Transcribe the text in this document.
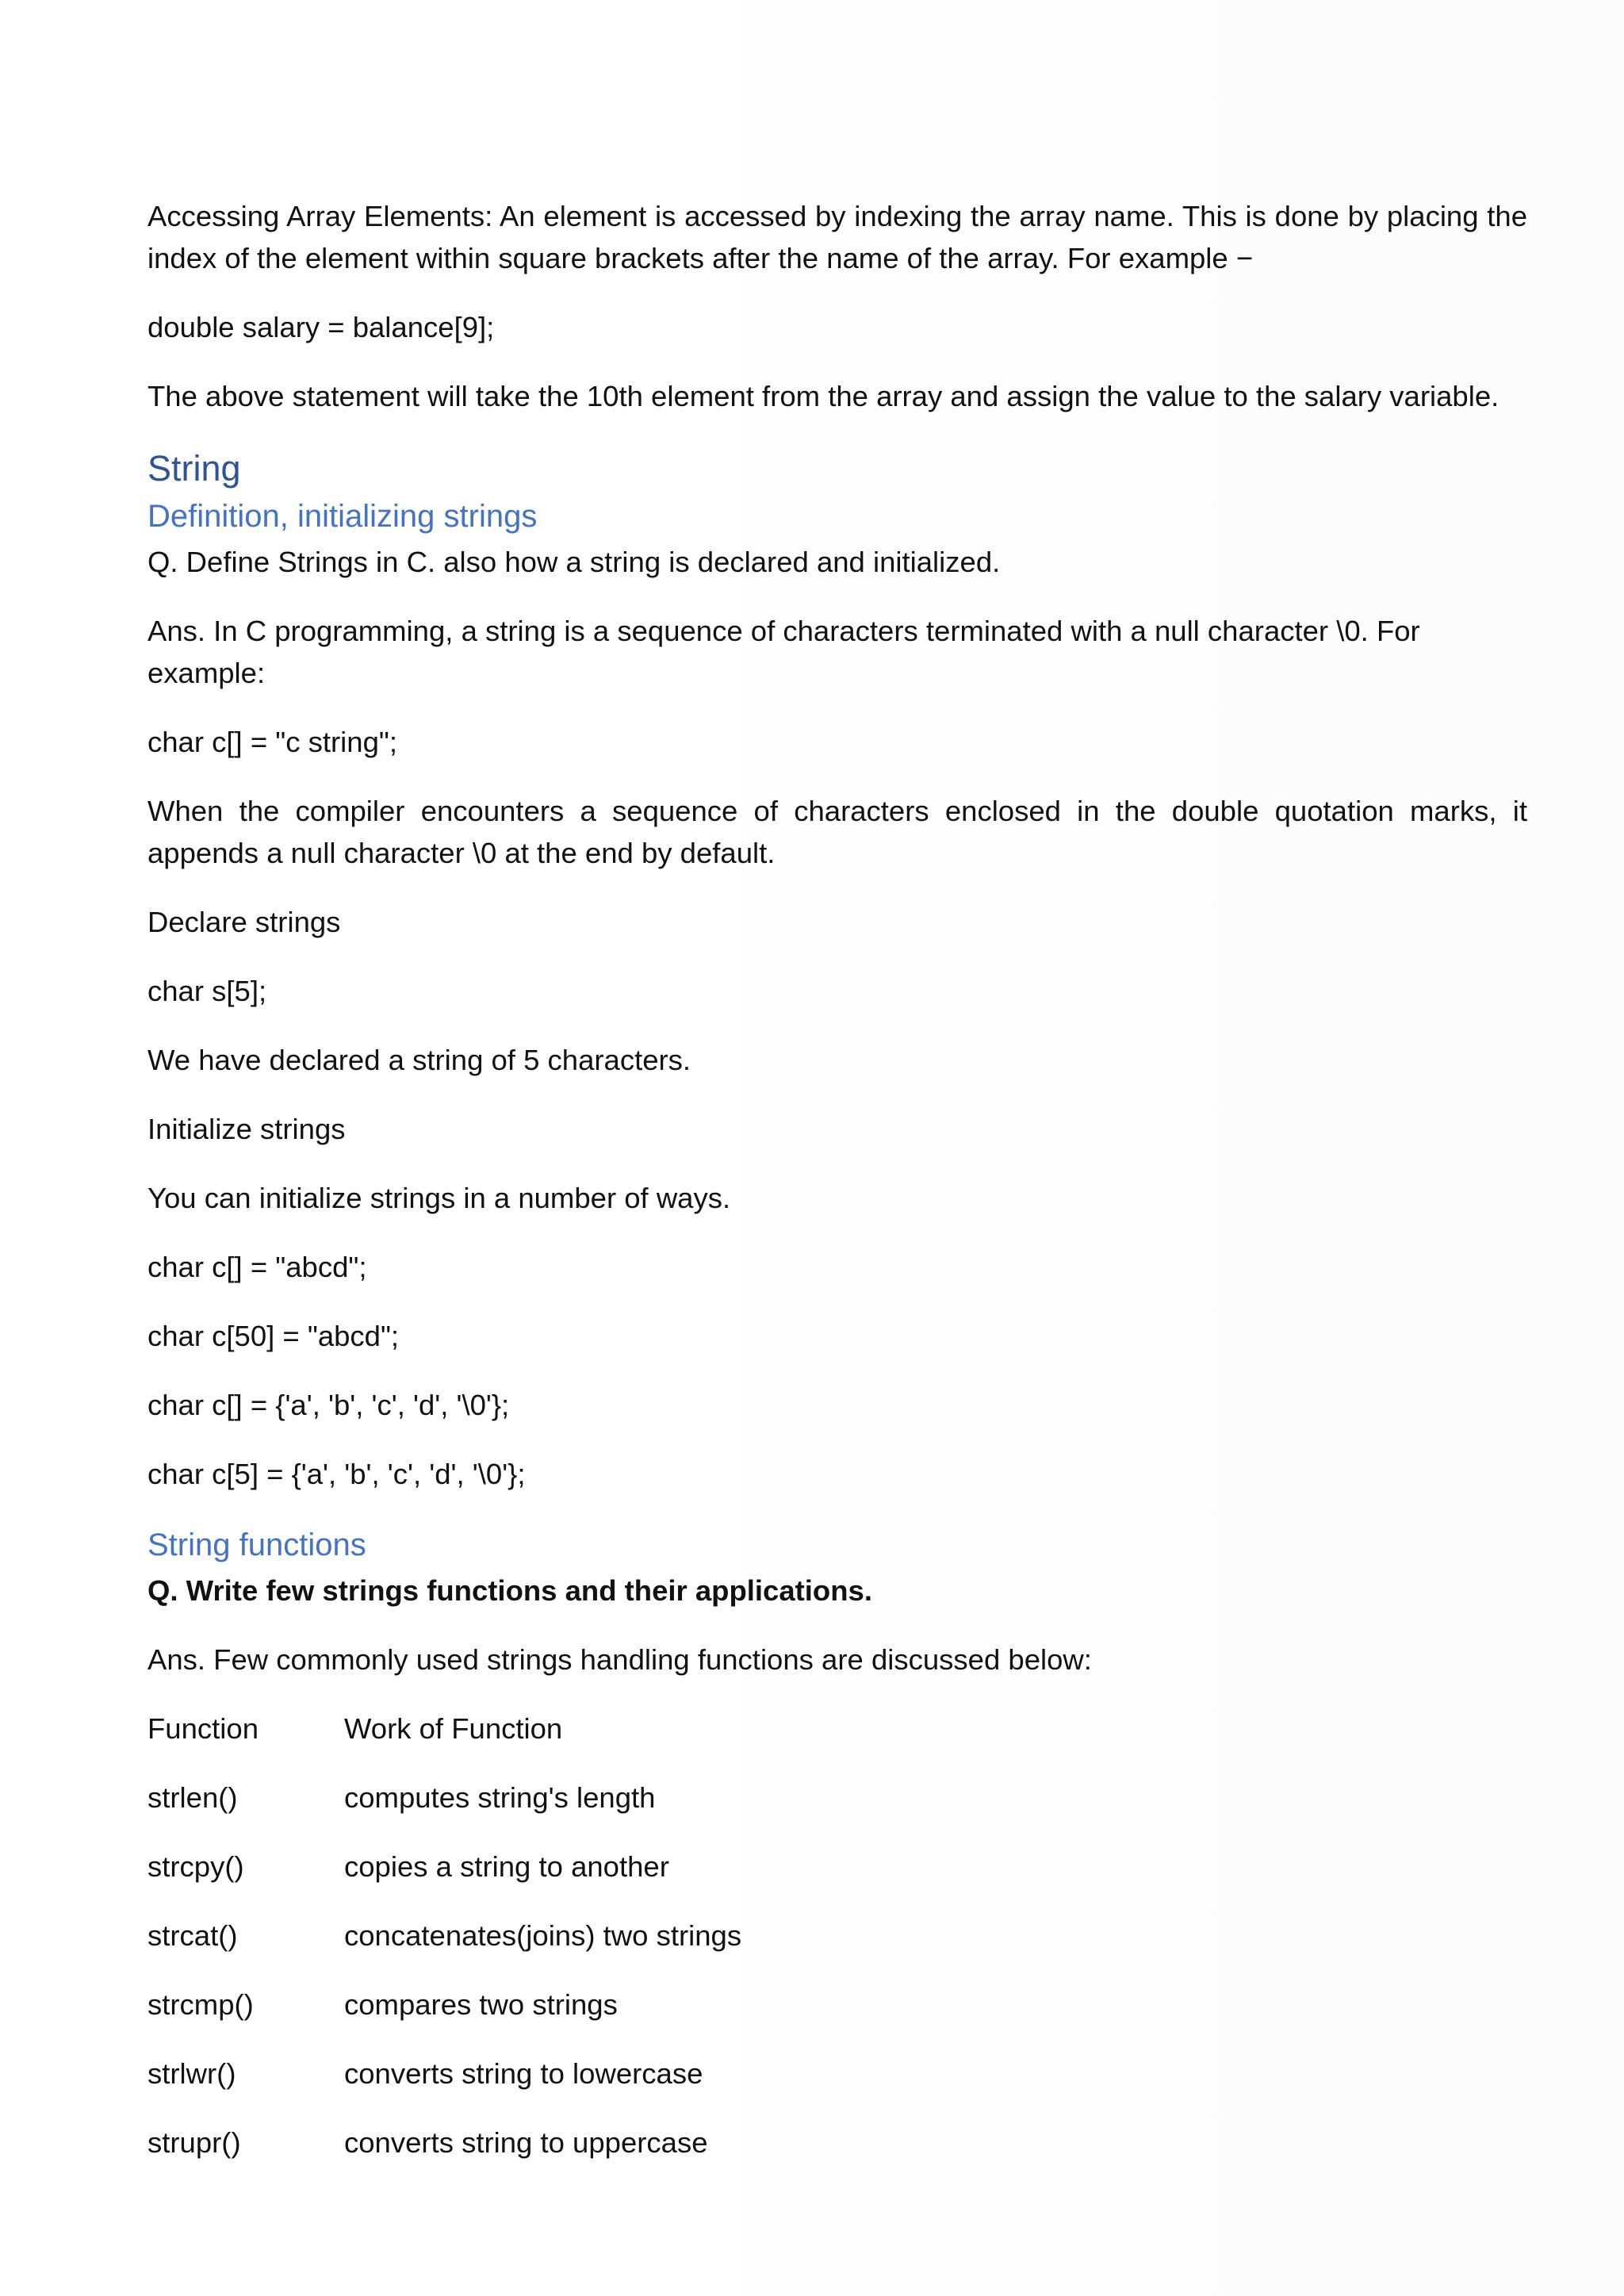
Accessing Array Elements: An element is accessed by indexing the array name. This is done by placing the index of the element within square brackets after the name of the array. For example −

double salary = balance[9];

The above statement will take the 10th element from the array and assign the value to the salary variable.

String
Definition, initializing strings

Q. Define Strings in C. also how a string is declared and initialized.

Ans. In C programming, a string is a sequence of characters terminated with a null character \0. For example:

char c[] = "c string";

When the compiler encounters a sequence of characters enclosed in the double quotation marks, it appends a null character \0 at the end by default.

Declare strings

char s[5];

We have declared a string of 5 characters.

Initialize strings

You can initialize strings in a number of ways.

char c[] = "abcd";

char c[50] = "abcd";

char c[] = {'a', 'b', 'c', 'd', '\0'};

char c[5] = {'a', 'b', 'c', 'd', '\0'};

String functions

Q. Write few strings functions and their applications.

Ans. Few commonly used strings handling functions are discussed below:

Function	Work of Function

strlen()	computes string's length

strcpy()	copies a string to another

strcat()	concatenates(joins) two strings

strcmp()	compares two strings

strlwr()	converts string to lowercase

strupr()	converts string to uppercase
